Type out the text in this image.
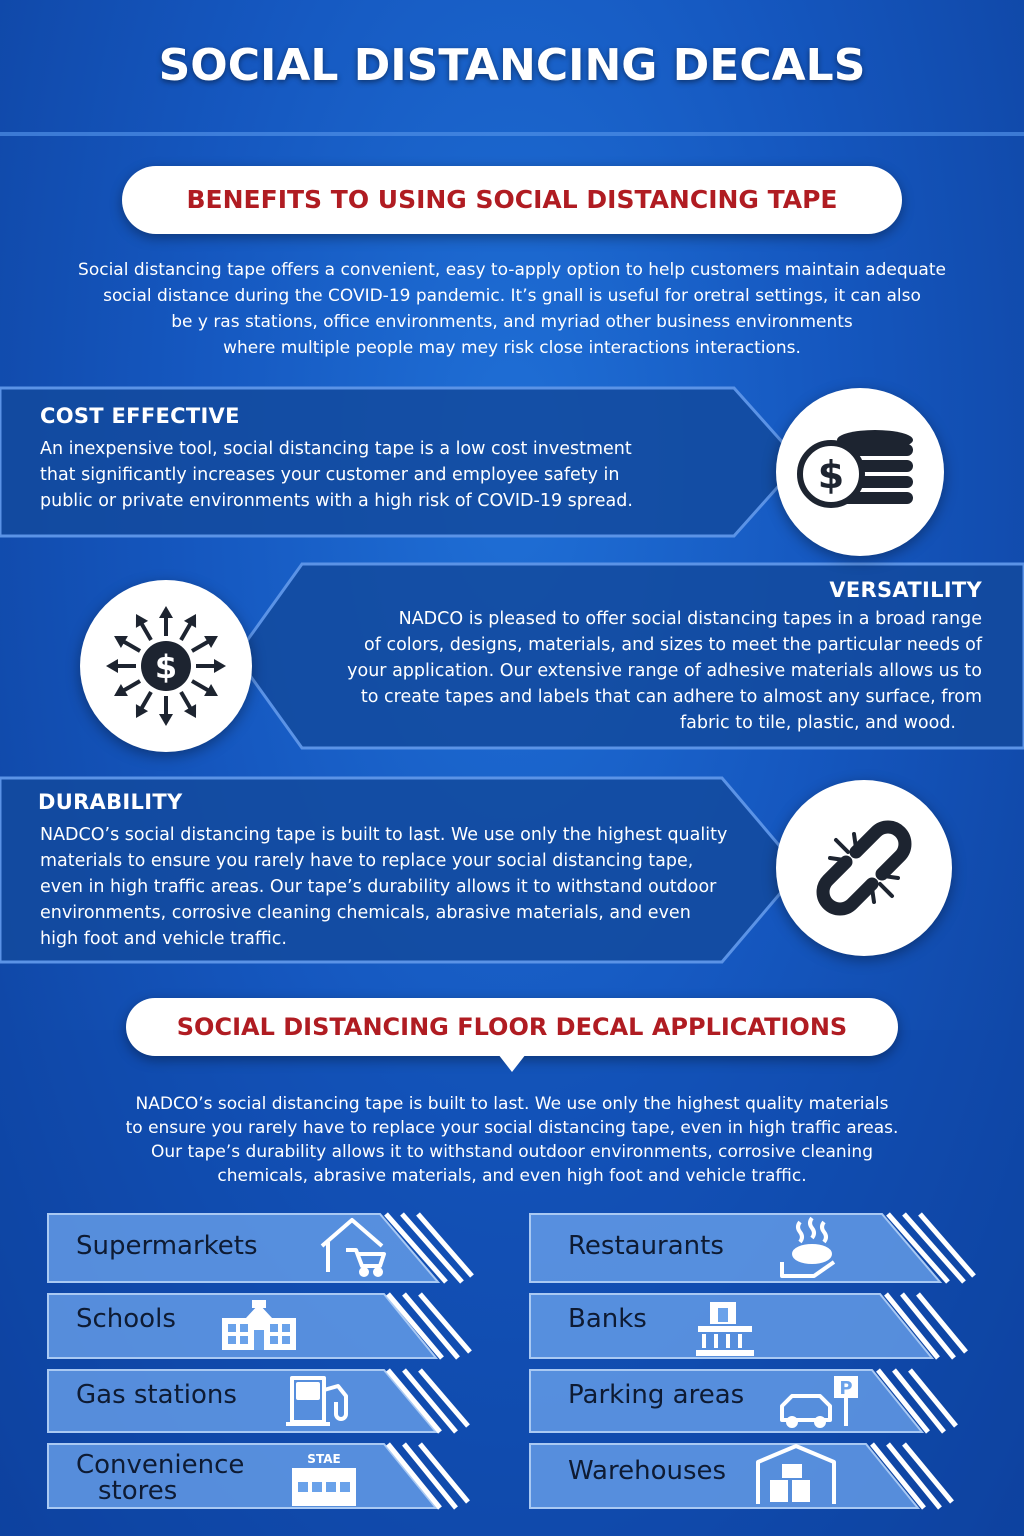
SOCIAL DISTANCING DECALS
BENEFITS TO USING SOCIAL DISTANCING TAPE
Social distancing tape offers a convenient, easy to-apply option to help customers maintain adequate
social distance during the COVID-19 pandemic. It’s gnall is useful for oretral settings, it can also
be y ras stations, office environments, and myriad other business environments
where multiple people may mey risk close interactions interactions.
COST EFFECTIVE
An inexpensive tool, social distancing tape is a low cost investment
that significantly increases your customer and employee safety in
public or private environments with a high risk of COVID-19 spread.
$
VERSATILITY
NADCO is pleased to offer social distancing tapes in a broad range
of colors, designs, materials, and sizes to meet the particular needs of
your application. Our extensive range of adhesive materials allows us to
to create tapes and labels that can adhere to almost any surface, from
fabric to tile, plastic, and wood.
$
DURABILITY
NADCO’s social distancing tape is built to last. We use only the highest quality
materials to ensure you rarely have to replace your social distancing tape,
even in high traffic areas. Our tape’s durability allows it to withstand outdoor
environments, corrosive cleaning chemicals, abrasive materials, and even
high foot and vehicle traffic.
SOCIAL DISTANCING FLOOR DECAL APPLICATIONS
NADCO’s social distancing tape is built to last. We use only the highest quality materials
to ensure you rarely have to replace your social distancing tape, even in high traffic areas.
Our tape’s durability allows it to withstand outdoor environments, corrosive cleaning
chemicals, abrasive materials, and even high foot and vehicle traffic.
STAE
P
Supermarkets
Schools
Gas stations
Convenience
stores
Restaurants
Banks
Parking areas
Warehouses
